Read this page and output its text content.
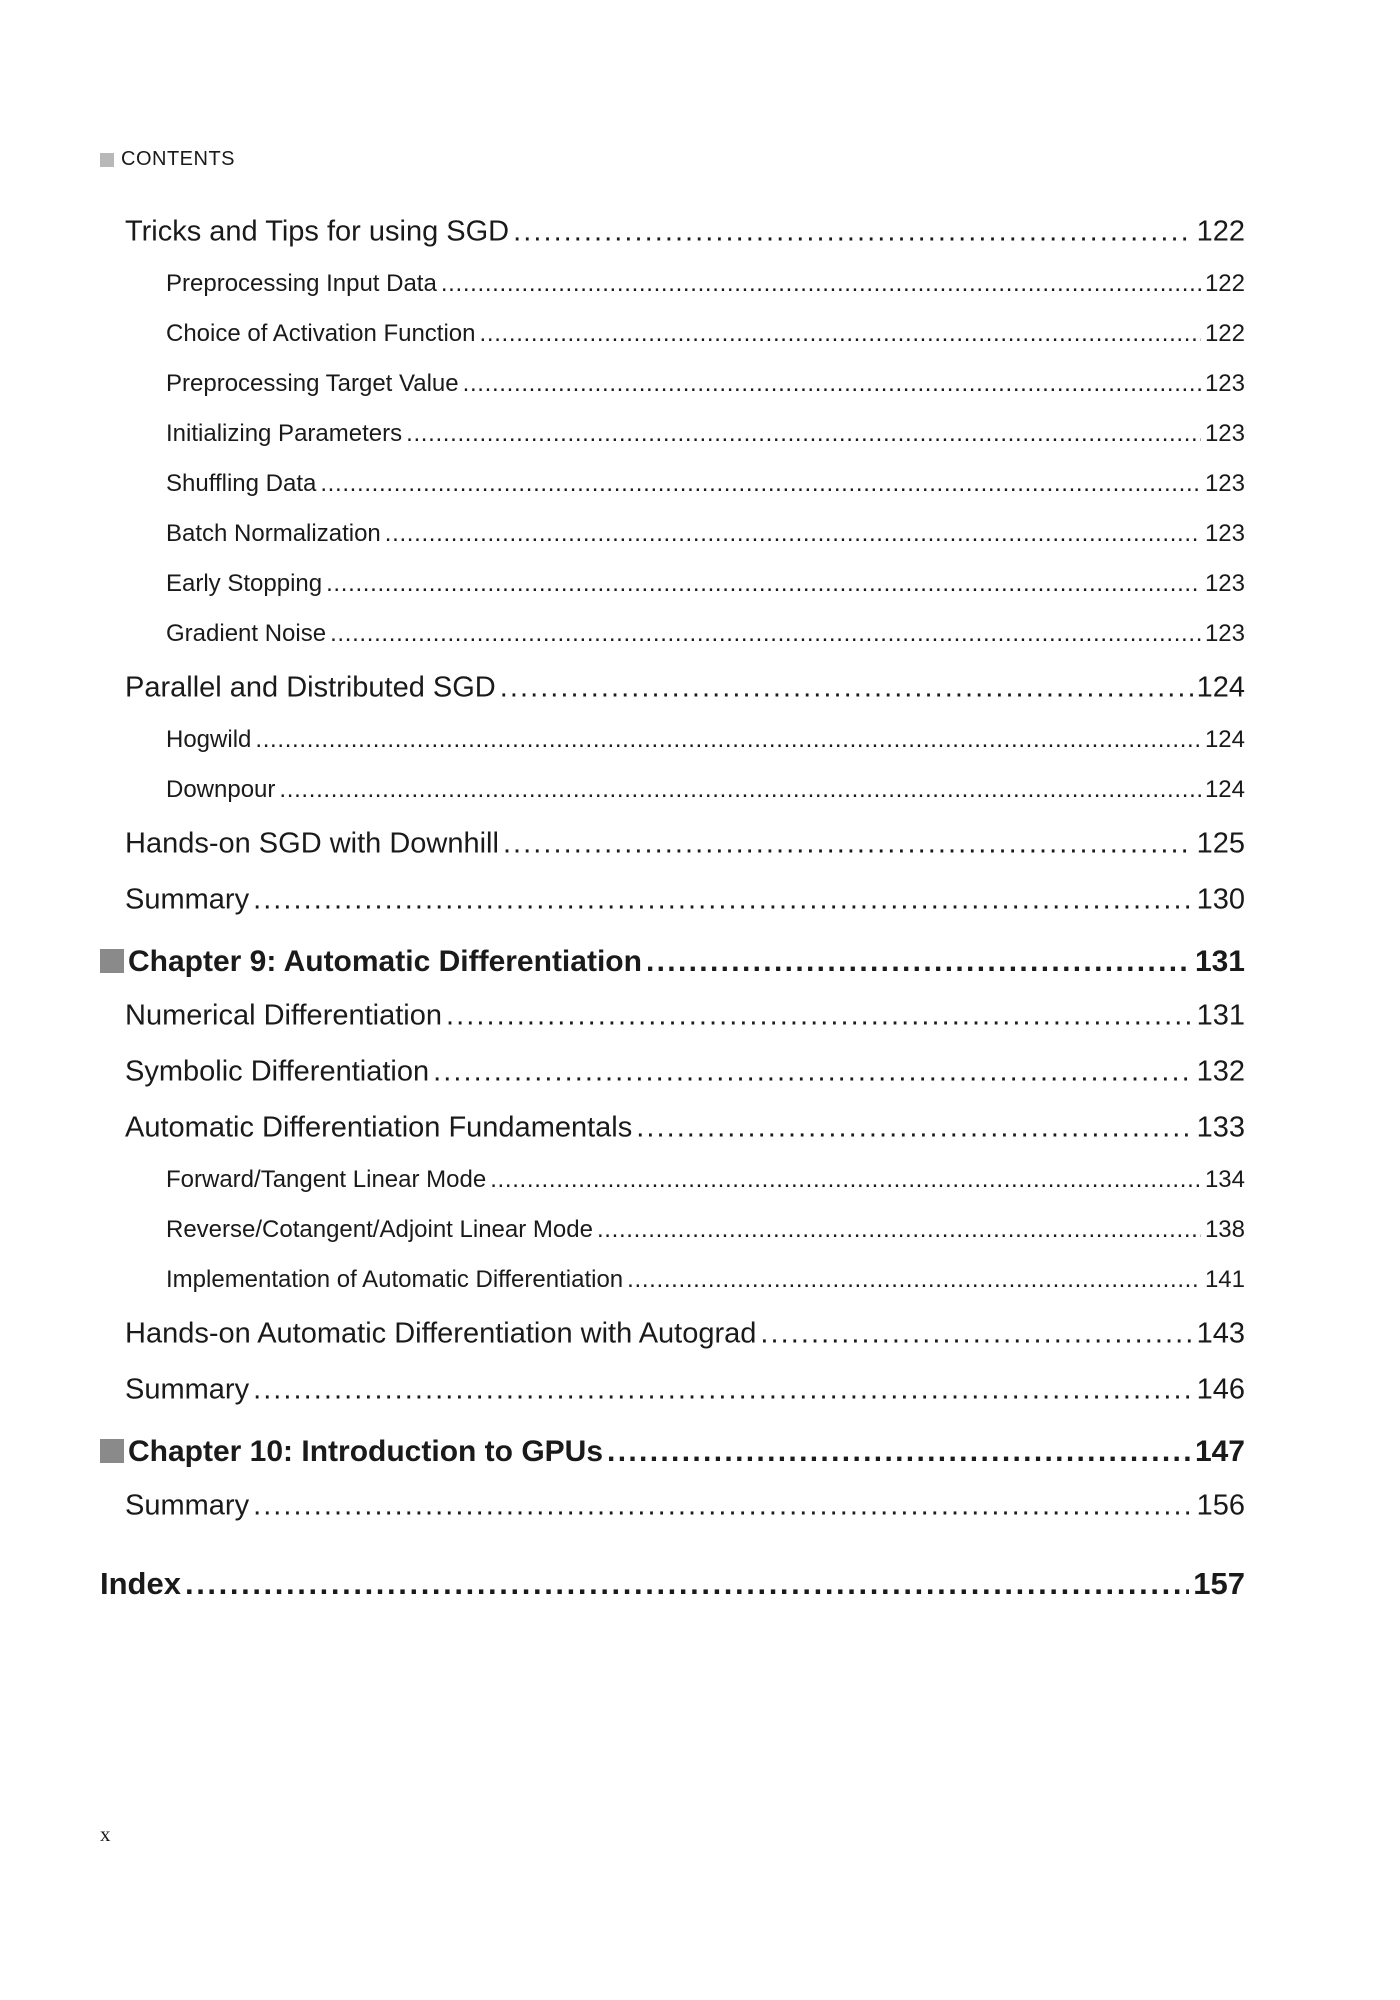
CONTENTS
Tricks and Tips for using SGD . . .	122
Preprocessing Input Data . . .	122
Choice of Activation Function . . .	122
Preprocessing Target Value . . .	123
Initializing Parameters . . .	123
Shuffling Data . . .	123
Batch Normalization . . .	123
Early Stopping . . .	123
Gradient Noise . . .	123
Parallel and Distributed SGD . . .	124
Hogwild . . .	124
Downpour . . .	124
Hands-on SGD with Downhill . . .	125
Summary . . .	130
Chapter 9: Automatic Differentiation . . .	131
Numerical Differentiation . . .	131
Symbolic Differentiation . . .	132
Automatic Differentiation Fundamentals . . .	133
Forward/Tangent Linear Mode . . .	134
Reverse/Cotangent/Adjoint Linear Mode . . .	138
Implementation of Automatic Differentiation . . .	141
Hands-on Automatic Differentiation with Autograd . . .	143
Summary . . .	146
Chapter 10: Introduction to GPUs . . .	147
Summary . . .	156
Index . . .	157
x
